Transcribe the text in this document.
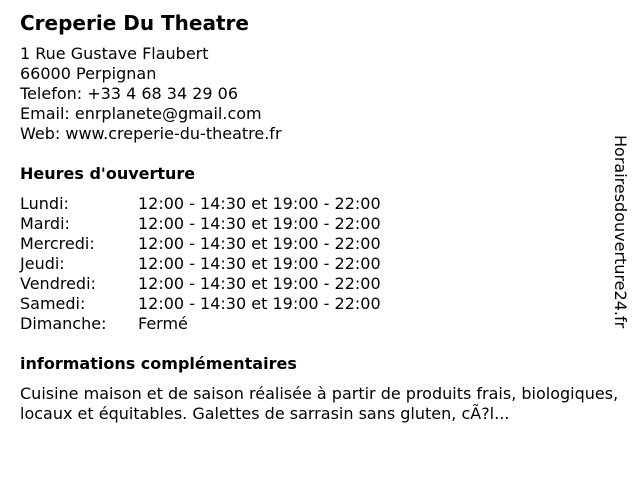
Creperie Du Theatre
1 Rue Gustave Flaubert
66000 Perpignan
Telefon: +33 4 68 34 29 06
Email: enrplanete@gmail.com
Web: www.creperie-du-theatre.fr
Heures d'ouverture
Lundi:	12:00 - 14:30 et 19:00 - 22:00
Mardi:	12:00 - 14:30 et 19:00 - 22:00
Mercredi:	12:00 - 14:30 et 19:00 - 22:00
Jeudi:	12:00 - 14:30 et 19:00 - 22:00
Vendredi:	12:00 - 14:30 et 19:00 - 22:00
Samedi:	12:00 - 14:30 et 19:00 - 22:00
Dimanche:	Fermé
informations complémentaires
Cuisine maison et de saison réalisée à partir de produits frais, biologiques, locaux et équitables. Galettes de sarrasin sans gluten, cÃ?l...
Horairesdouverture24.fr
